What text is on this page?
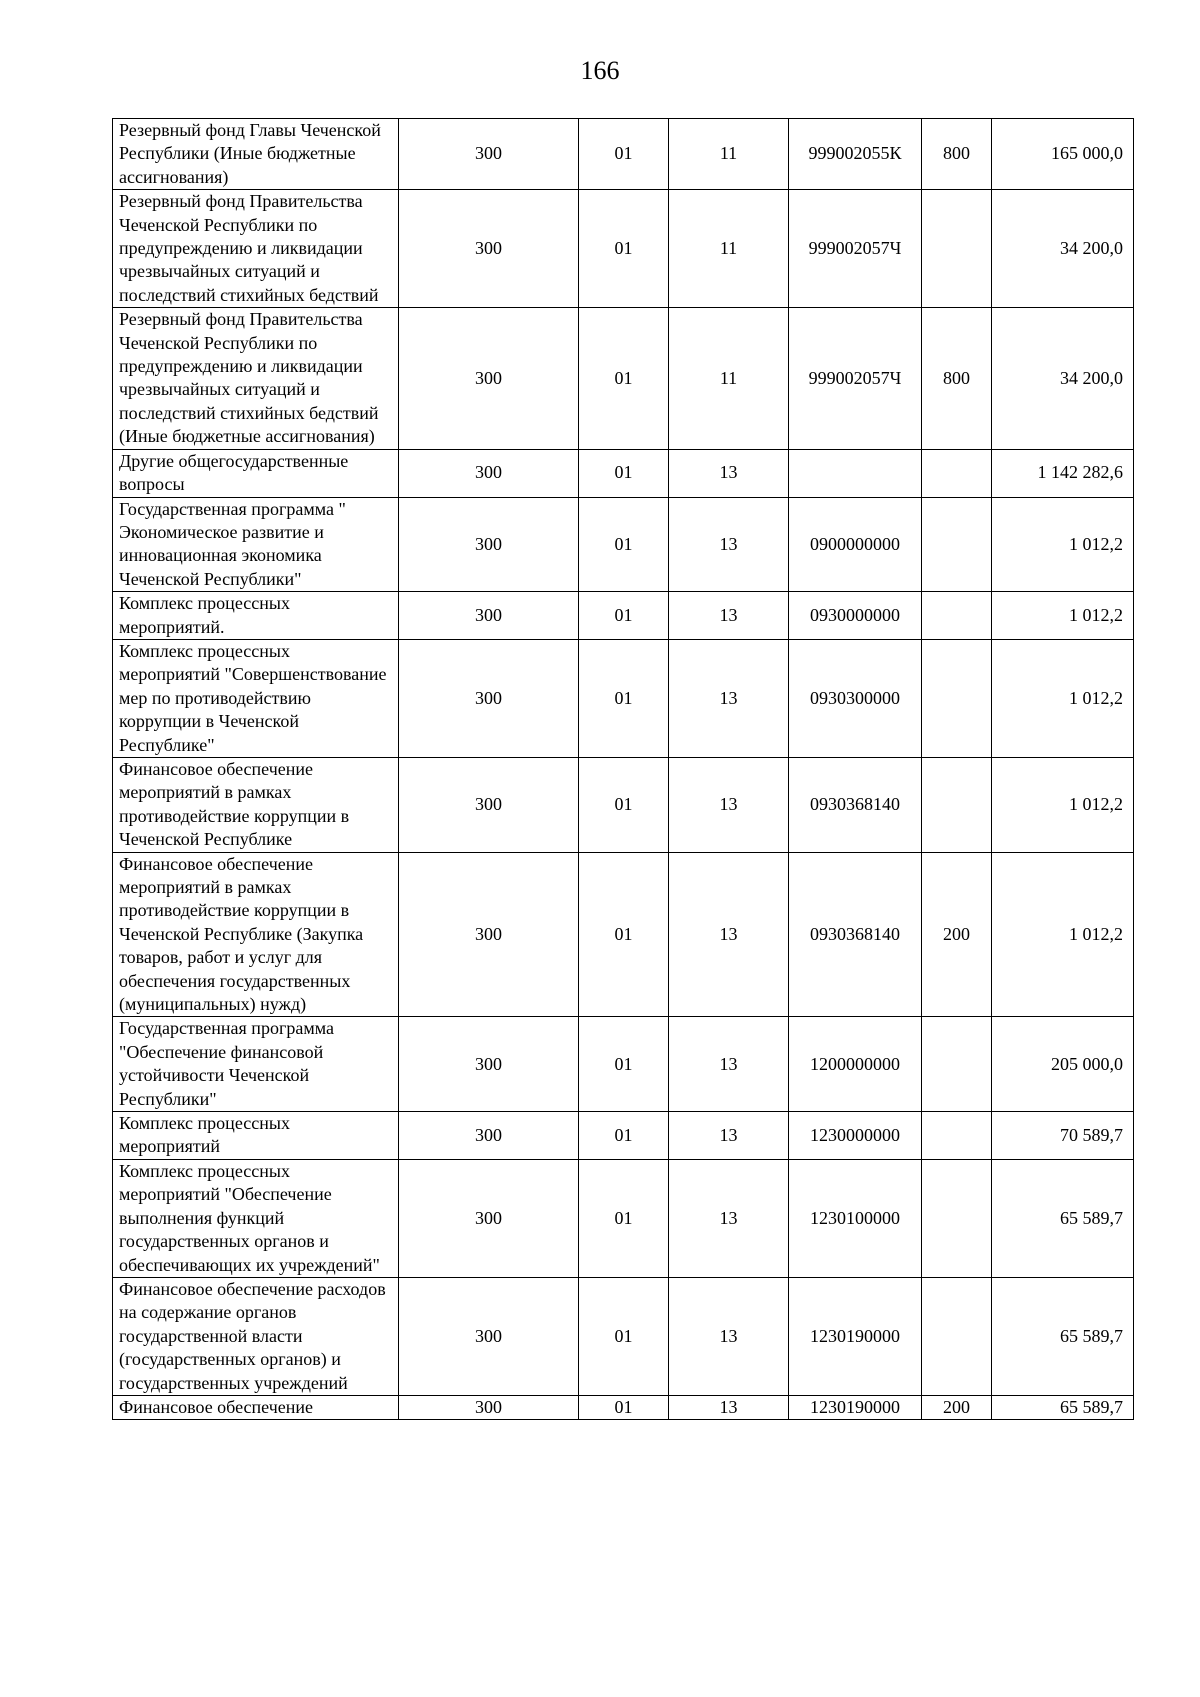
166
Резервный фонд Главы Чеченской Республики (Иные бюджетные ассигнования)	300	01	11	999002055К	800	165 000,0
Резервный фонд Правительства Чеченской Республики по предупреждению и ликвидации чрезвычайных ситуаций и последствий стихийных бедствий	300	01	11	999002057Ч		34 200,0
Резервный фонд Правительства Чеченской Республики по предупреждению и ликвидации чрезвычайных ситуаций и последствий стихийных бедствий (Иные бюджетные ассигнования)	300	01	11	999002057Ч	800	34 200,0
Другие общегосударственные вопросы	300	01	13			1 142 282,6
Государственная программа " Экономическое развитие и инновационная экономика Чеченской Республики"	300	01	13	0900000000		1 012,2
Комплекс процессных мероприятий.	300	01	13	0930000000		1 012,2
Комплекс процессных мероприятий "Совершенствование мер по противодействию коррупции в Чеченской Республике"	300	01	13	0930300000		1 012,2
Финансовое обеспечение мероприятий в рамках противодействие коррупции в Чеченской Республике	300	01	13	0930368140		1 012,2
Финансовое обеспечение мероприятий в рамках противодействие коррупции в Чеченской Республике (Закупка товаров, работ и услуг для обеспечения государственных (муниципальных) нужд)	300	01	13	0930368140	200	1 012,2
Государственная программа "Обеспечение финансовой устойчивости Чеченской Республики"	300	01	13	1200000000		205 000,0
Комплекс процессных мероприятий	300	01	13	1230000000		70 589,7
Комплекс процессных мероприятий "Обеспечение выполнения функций государственных органов и обеспечивающих их учреждений"	300	01	13	1230100000		65 589,7
Финансовое обеспечение расходов на содержание органов государственной власти (государственных органов) и государственных учреждений	300	01	13	1230190000		65 589,7
Финансовое обеспечение	300	01	13	1230190000	200	65 589,7
